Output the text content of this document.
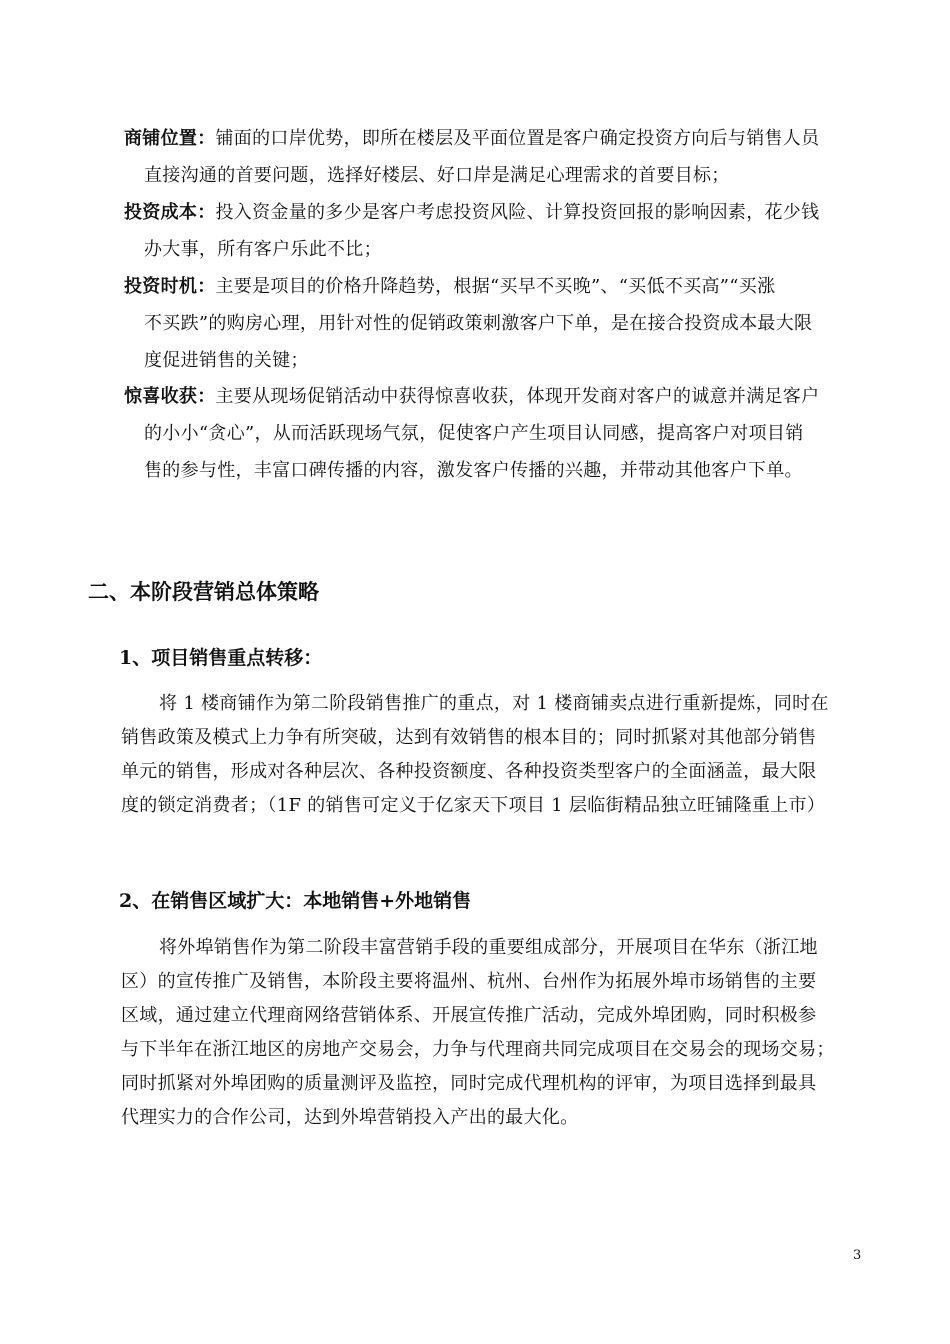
商铺位置：铺面的口岸优势，即所在楼层及平面位置是客户确定投资方向后与销售人员
直接沟通的首要问题，选择好楼层、好口岸是满足心理需求的首要目标；
投资成本：投入资金量的多少是客户考虑投资风险、计算投资回报的影响因素，花少钱
办大事，所有客户乐此不比；
投资时机：主要是项目的价格升降趋势，根据“买早不买晚”、“买低不买高”“买涨
不买跌”的购房心理，用针对性的促销政策刺激客户下单，是在接合投资成本最大限
度促进销售的关键；
惊喜收获：主要从现场促销活动中获得惊喜收获，体现开发商对客户的诚意并满足客户
的小小“贪心”，从而活跃现场气氛，促使客户产生项目认同感，提高客户对项目销
售的参与性，丰富口碑传播的内容，激发客户传播的兴趣，并带动其他客户下单。
二、本阶段营销总体策略
1、项目销售重点转移：
将 1 楼商铺作为第二阶段销售推广的重点，对 1 楼商铺卖点进行重新提炼，同时在
销售政策及模式上力争有所突破，达到有效销售的根本目的；同时抓紧对其他部分销售
单元的销售，形成对各种层次、各种投资额度、各种投资类型客户的全面涵盖，最大限
度的锁定消费者；（1F 的销售可定义于亿家天下项目 1 层临街精品独立旺铺隆重上市）
2、在销售区域扩大：本地销售+外地销售
将外埠销售作为第二阶段丰富营销手段的重要组成部分，开展项目在华东（浙江地
区）的宣传推广及销售，本阶段主要将温州、杭州、台州作为拓展外埠市场销售的主要
区域，通过建立代理商网络营销体系、开展宣传推广活动，完成外埠团购，同时积极参
与下半年在浙江地区的房地产交易会，力争与代理商共同完成项目在交易会的现场交易；
同时抓紧对外埠团购的质量测评及监控，同时完成代理机构的评审，为项目选择到最具
代理实力的合作公司，达到外埠营销投入产出的最大化。
3
